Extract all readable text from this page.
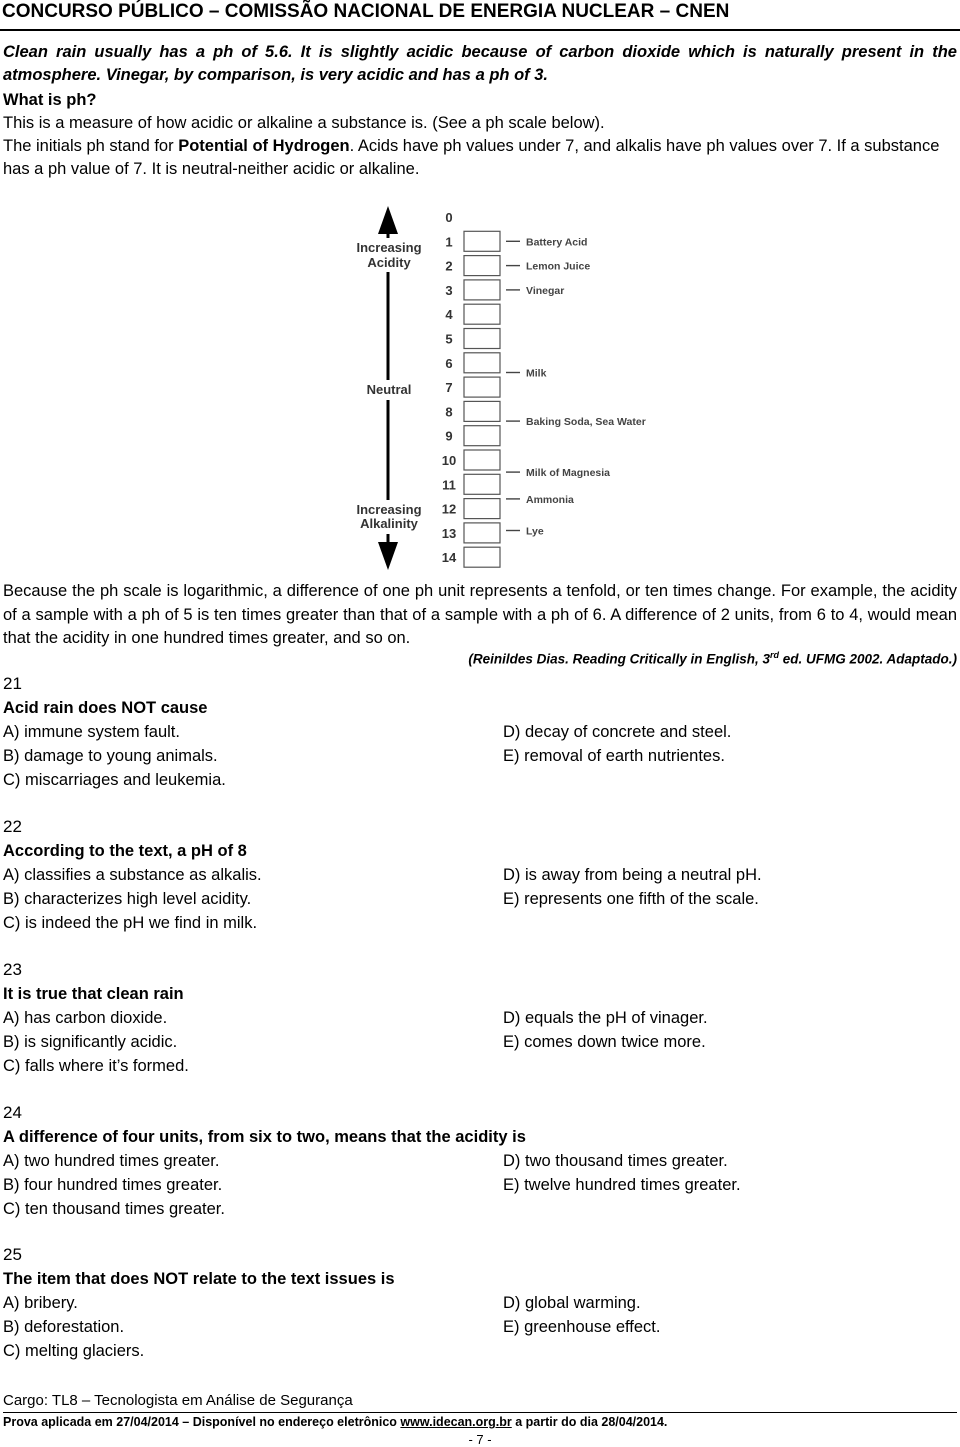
CONCURSO PÚBLICO – COMISSÃO NACIONAL DE ENERGIA NUCLEAR – CNEN
Clean rain usually has a ph of 5.6. It is slightly acidic because of carbon dioxide which is naturally present in the atmosphere. Vinegar, by comparison, is very acidic and has a ph of 3.
What is ph?
This is a measure of how acidic or alkaline a substance is. (See a ph scale below).
The initials ph stand for Potential of Hydrogen. Acids have ph values under 7, and alkalis have ph values over 7. If a substance has a ph value of 7. It is neutral-neither acidic or alkaline.
Increasing
Acidity
Neutral
Increasing
Alkalinity
0
1
2
3
4
5
6
7
8
9
10
11
12
13
14
Battery Acid
Lemon Juice
Vinegar
Milk
Baking Soda, Sea Water
Milk of Magnesia
Ammonia
Lye
Because the ph scale is logarithmic, a difference of one ph unit represents a tenfold, or ten times change. For example, the acidity of a sample with a ph of 5 is ten times greater than that of a sample with a ph of 6. A difference of 2 units, from 6 to 4, would mean that the acidity in one hundred times greater, and so on.
(Reinildes Dias. Reading Critically in English, 3rd ed. UFMG 2002. Adaptado.)
21
Acid rain does NOT cause
A) immune system fault.	D) decay of concrete and steel.
B) damage to young animals.	E) removal of earth nutrientes.
C) miscarriages and leukemia.
22
According to the text, a pH of 8
A) classifies a substance as alkalis.	D) is away from being a neutral pH.
B) characterizes high level acidity.	E) represents one fifth of the scale.
C) is indeed the pH we find in milk.
23
It is true that clean rain
A) has carbon dioxide.	D) equals the pH of vinager.
B) is significantly acidic.	E) comes down twice more.
C) falls where it’s formed.
24
A difference of four units, from six to two, means that the acidity is
A) two hundred times greater.	D) two thousand times greater.
B) four hundred times greater.	E) twelve hundred times greater.
C) ten thousand times greater.
25
The item that does NOT relate to the text issues is
A) bribery.	D) global warming.
B) deforestation.	E) greenhouse effect.
C) melting glaciers.
Cargo: TL8 – Tecnologista em Análise de Segurança
Prova aplicada em 27/04/2014 – Disponível no endereço eletrônico www.idecan.org.br a partir do dia 28/04/2014.
- 7 -
